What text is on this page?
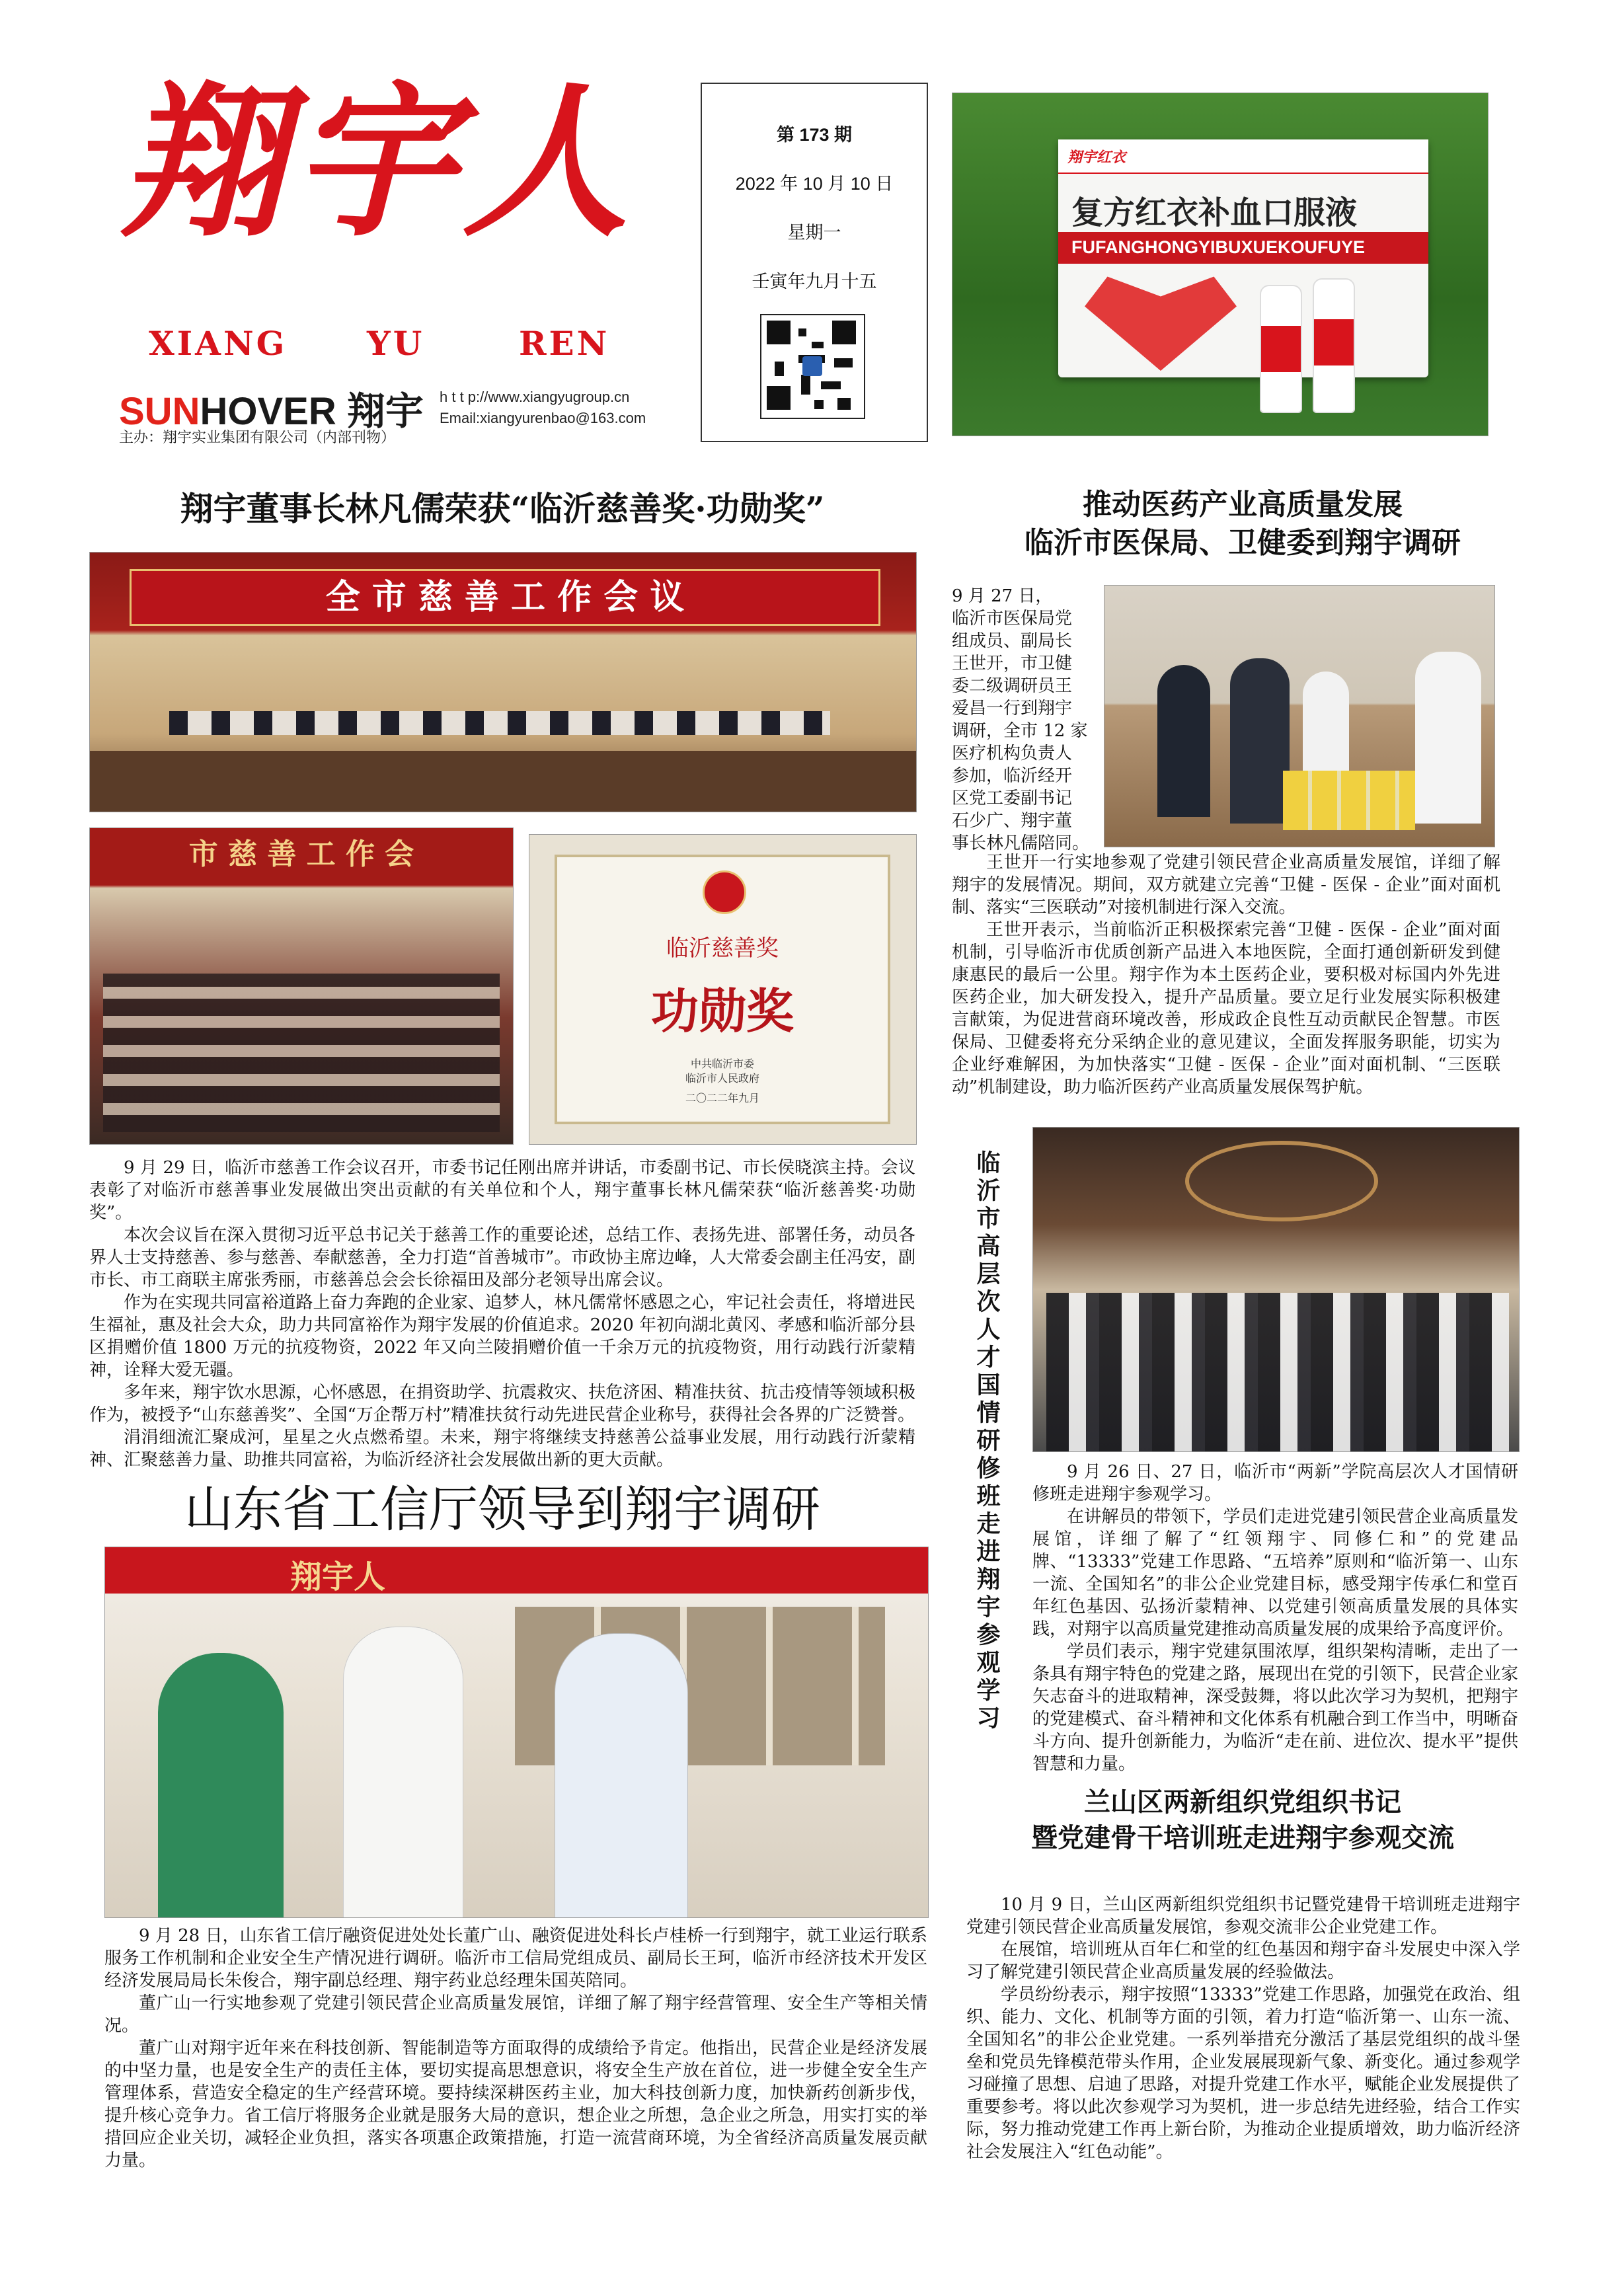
翔宇人
XIANG YU	REN
SUNHOVER 翔宇
主办：翔宇实业集团有限公司（内部刊物）
h t t p://www.xiangyugroup.cn
Email:xiangyurenbao@163.com
第 173 期
2022 年 10 月 10 日
星期一
壬寅年九月十五
翔宇红衣
复方红衣补血口服液
FUFANGHONGYIBUXUEKOUFUYE
翔宇董事长林凡儒荣获“临沂慈善奖·功勋奖”
全 市 慈 善 工 作 会 议
市 慈 善 工 作 会
临沂慈善奖
功勋奖
中共临沂市委
临沂市人民政府
二〇二二年九月

9 月 29 日，临沂市慈善工作会议召开，市委书记任刚出席并讲话，市委副书记、市长侯晓滨主持。会议表彰了对临沂市慈善事业发展做出突出贡献的有关单位和个人，翔宇董事长林凡儒荣获“临沂慈善奖·功勋奖”。

本次会议旨在深入贯彻习近平总书记关于慈善工作的重要论述，总结工作、表扬先进、部署任务，动员各界人士支持慈善、参与慈善、奉献慈善，全力打造“首善城市”。市政协主席边峰，人大常委会副主任冯安，副市长、市工商联主席张秀丽，市慈善总会会长徐福田及部分老领导出席会议。

作为在实现共同富裕道路上奋力奔跑的企业家、追梦人，林凡儒常怀感恩之心，牢记社会责任，将增进民生福祉，惠及社会大众，助力共同富裕作为翔宇发展的价值追求。2020 年初向湖北黄冈、孝感和临沂部分县区捐赠价值 1800 万元的抗疫物资，2022 年又向兰陵捐赠价值一千余万元的抗疫物资，用行动践行沂蒙精神，诠释大爱无疆。

多年来，翔宇饮水思源，心怀感恩，在捐资助学、抗震救灾、扶危济困、精准扶贫、抗击疫情等领域积极作为，被授予“山东慈善奖”、全国“万企帮万村”精准扶贫行动先进民营企业称号，获得社会各界的广泛赞誉。

涓涓细流汇聚成河，星星之火点燃希望。未来，翔宇将继续支持慈善公益事业发展，用行动践行沂蒙精神、汇聚慈善力量、助推共同富裕，为临沂经济社会发展做出新的更大贡献。

推动医药产业高质量发展
临沂市医保局、卫健委到翔宇调研
9 月 27 日，
临沂市医保局党
组成员、副局长
王世开，市卫健
委二级调研员王
爱昌一行到翔宇
调研，全市 12 家
医疗机构负责人
参加，临沂经开
区党工委副书记
石少广、翔宇董
事长林凡儒陪同。

王世开一行实地参观了党建引领民营企业高质量发展馆，详细了解翔宇的发展情况。期间，双方就建立完善“卫健 - 医保 - 企业”面对面机制、落实“三医联动”对接机制进行深入交流。

王世开表示，当前临沂正积极探索完善“卫健 - 医保 - 企业”面对面机制，引导临沂市优质创新产品进入本地医院，全面打通创新研发到健康惠民的最后一公里。翔宇作为本土医药企业，要积极对标国内外先进医药企业，加大研发投入，提升产品质量。要立足行业发展实际积极建言献策，为促进营商环境改善，形成政企良性互动贡献民企智慧。市医保局、卫健委将充分采纳企业的意见建议，全面发挥服务职能，切实为企业纾难解困，为加快落实“卫健 - 医保 - 企业”面对面机制、“三医联动”机制建设，助力临沂医药产业高质量发展保驾护航。

临沂市高层次人才国情研修班走进翔宇参观学习	9 月 26 日、27 日，临沂市“两新”学院高层次人才国情研修班走进翔宇参观学习。

在讲解员的带领下，学员们走进党建引领民营企业高质量发展馆，详细了解了“红领翔宇、同修仁和”的党建品牌、“13333”党建工作思路、“五培养”原则和“临沂第一、山东一流、全国知名”的非公企业党建目标，感受翔宇传承仁和堂百年红色基因、弘扬沂蒙精神、以党建引领高质量发展的具体实践，对翔宇以高质量党建推动高质量发展的成果给予高度评价。

学员们表示，翔宇党建氛围浓厚，组织架构清晰，走出了一条具有翔宇特色的党建之路，展现出在党的引领下，民营企业家矢志奋斗的进取精神，深受鼓舞，将以此次学习为契机，把翔宇的党建模式、奋斗精神和文化体系有机融合到工作当中，明晰奋斗方向、提升创新能力，为临沂“走在前、进位次、提水平”提供智慧和力量。

山东省工信厅领导到翔宇调研
翔宇人

9 月 28 日，山东省工信厅融资促进处处长董广山、融资促进处科长卢桂桥一行到翔宇，就工业运行联系服务工作机制和企业安全生产情况进行调研。临沂市工信局党组成员、副局长王珂，临沂市经济技术开发区经济发展局局长朱俊合，翔宇副总经理、翔宇药业总经理朱国英陪同。

董广山一行实地参观了党建引领民营企业高质量发展馆，详细了解了翔宇经营管理、安全生产等相关情况。

董广山对翔宇近年来在科技创新、智能制造等方面取得的成绩给予肯定。他指出，民营企业是经济发展的中坚力量，也是安全生产的责任主体，要切实提高思想意识，将安全生产放在首位，进一步健全安全生产管理体系，营造安全稳定的生产经营环境。要持续深耕医药主业，加大科技创新力度，加快新药创新步伐，提升核心竞争力。省工信厅将服务企业就是服务大局的意识，想企业之所想，急企业之所急，用实打实的举措回应企业关切，减轻企业负担，落实各项惠企政策措施，打造一流营商环境，为全省经济高质量发展贡献力量。

兰山区两新组织党组织书记
暨党建骨干培训班走进翔宇参观交流

10 月 9 日，兰山区两新组织党组织书记暨党建骨干培训班走进翔宇党建引领民营企业高质量发展馆，参观交流非公企业党建工作。

在展馆，培训班从百年仁和堂的红色基因和翔宇奋斗发展史中深入学习了解党建引领民营企业高质量发展的经验做法。

学员纷纷表示，翔宇按照“13333”党建工作思路，加强党在政治、组织、能力、文化、机制等方面的引领，着力打造“临沂第一、山东一流、全国知名”的非公企业党建。一系列举措充分激活了基层党组织的战斗堡垒和党员先锋模范带头作用，企业发展展现新气象、新变化。通过参观学习碰撞了思想、启迪了思路，对提升党建工作水平，赋能企业发展提供了重要参考。将以此次参观学习为契机，进一步总结先进经验，结合工作实际，努力推动党建工作再上新台阶，为推动企业提质增效，助力临沂经济社会发展注入“红色动能”。
